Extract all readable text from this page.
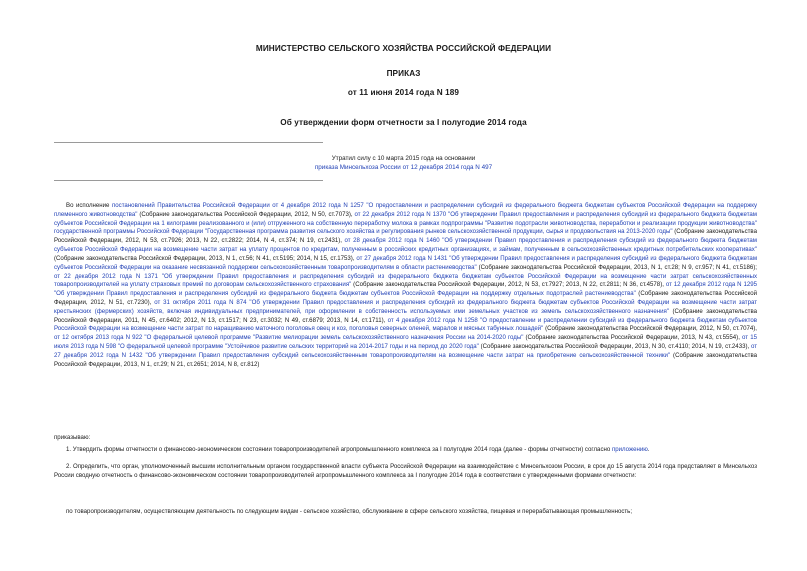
МИНИСТЕРСТВО СЕЛЬСКОГО ХОЗЯЙСТВА РОССИЙСКОЙ ФЕДЕРАЦИИ
ПРИКАЗ
от 11 июня 2014 года N 189
Об утверждении форм отчетности за I полугодие 2014 года
Утратил силу с 10 марта 2015 года на основании
приказа Минсельхоза России от 12 декабря 2014 года N 497
Во исполнение постановлений Правительства Российской Федерации от 4 декабря 2012 года N 1257 "О предоставлении и распределении субсидий из федерального бюджета бюджетам субъектов Российской Федерации на поддержку племенного животноводства" (Собрание законодательства Российской Федерации, 2012, N 50, ст.7073), от 22 декабря 2012 года N 1370 "Об утверждении Правил предоставления и распределения субсидий из федерального бюджета бюджетам субъектов Российской Федерации на 1 килограмм реализованного и (или) отгруженного на собственную переработку молока в рамках подпрограммы "Развитие подотрасли животноводства, переработки и реализации продукции животноводства" государственной программы Российской Федерации "Государственная программа развития сельского хозяйства и регулирования рынков сельскохозяйственной продукции, сырья и продовольствия на 2013-2020 годы" (Собрание законодательства Российской Федерации, 2012, N 53, ст.7926; 2013, N 22, ст.2822; 2014, N 4, ст.374; N 19, ст.2431), от 28 декабря 2012 года N 1460 "Об утверждении Правил предоставления и распределения субсидий из федерального бюджета бюджетам субъектов Российской Федерации на возмещение части затрат на уплату процентов по кредитам, полученным в российских кредитных организациях, и займам, полученным в сельскохозяйственных кредитных потребительских кооперативах" (Собрание законодательства Российской Федерации, 2013, N 1, ст.56; N 41, ст.5195; 2014, N 15, ст.1753), от 27 декабря 2012 года N 1431 "Об утверждении Правил предоставления и распределения субсидий из федерального бюджета бюджетам субъектов Российской Федерации на оказание несвязанной поддержки сельскохозяйственным товаропроизводителям в области растениеводства" (Собрание законодательства Российской Федерации, 2013, N 1, ст.28; N 9, ст.957; N 41, ст.5186); от 22 декабря 2012 года N 1371 "Об утверждении Правил предоставления и распределения субсидий из федерального бюджета бюджетам субъектов Российской Федерации на возмещение части затрат сельскохозяйственных товаропроизводителей на уплату страховых премий по договорам сельскохозяйственного страхования" (Собрание законодательства Российской Федерации, 2012, N 53, ст.7927; 2013, N 22, ст.2811; N 36, ст.4578), от 12 декабря 2012 года N 1295 "Об утверждении Правил предоставления и распределения субсидий из федерального бюджета бюджетам субъектов Российской Федерации на поддержку отдельных подотраслей растениеводства" (Собрание законодательства Российской Федерации, 2012, N 51, ст.7230), от 31 октября 2011 года N 874 "Об утверждении Правил предоставления и распределения субсидий из федерального бюджета бюджетам субъектов Российской Федерации на возмещение части затрат крестьянских (фермерских) хозяйств, включая индивидуальных предпринимателей, при оформлении в собственность используемых ими земельных участков из земель сельскохозяйственного назначения" (Собрание законодательства Российской Федерации, 2011, N 45, ст.6402; 2012, N 13, ст.1517; N 23, ст.3032; N 49, ст.6879; 2013, N 14, ст.1711), от 4 декабря 2012 года N 1258 "О предоставлении и распределении субсидий из федерального бюджета бюджетам субъектов Российской Федерации на возмещение части затрат по наращиванию маточного поголовья овец и коз, поголовья северных оленей, маралов и мясных табунных лошадей" (Собрание законодательства Российской Федерации, 2012, N 50, ст.7074), от 12 октября 2013 года N 922 "О федеральной целевой программе "Развитие мелиорации земель сельскохозяйственного назначения России на 2014-2020 годы" (Собрание законодательства Российской Федерации, 2013, N 43, ст.5554), от 15 июля 2013 года N 598 "О федеральной целевой программе "Устойчивое развитие сельских территорий на 2014-2017 годы и на период до 2020 года" (Собрание законодательства Российской Федерации, 2013, N 30, ст.4110; 2014, N 19, ст.2433), от 27 декабря 2012 года N 1432 "Об утверждении Правил предоставления субсидий сельскохозяйственным товаропроизводителям на возмещение части затрат на приобретение сельскохозяйственной техники" (Собрание законодательства Российской Федерации, 2013, N 1, ст.29; N 21, ст.2651; 2014, N 8, ст.812)
приказываю:
1. Утвердить формы отчетности о финансово-экономическом состоянии товаропроизводителей агропромышленного комплекса за I полугодие 2014 года (далее - формы отчетности) согласно приложению.
2. Определить, что орган, уполномоченный высшим исполнительным органом государственной власти субъекта Российской Федерации на взаимодействие с Минсельхозом России, в срок до 15 августа 2014 года представляет в Минсельхоз России сводную отчетность о финансово-экономическом состоянии товаропроизводителей агропромышленного комплекса за I полугодие 2014 года в соответствии с утвержденными формами отчетности:
по товаропроизводителям, осуществляющим деятельность по следующим видам - сельское хозяйство, обслуживание в сфере сельского хозяйства, пищевая и перерабатывающая промышленность;
